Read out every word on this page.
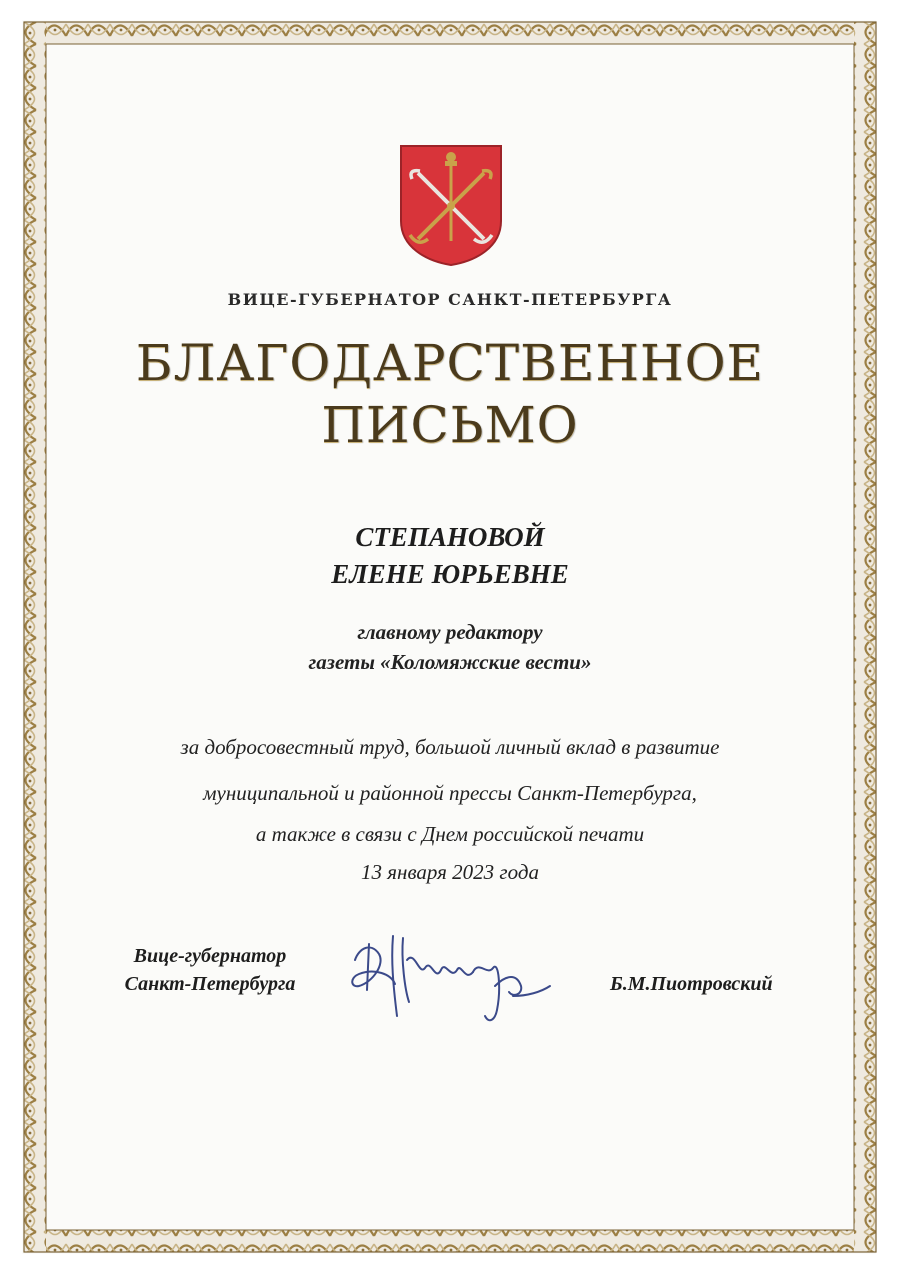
ВИЦЕ-ГУБЕРНАТОР САНКТ-ПЕТЕРБУРГА
БЛАГОДАРСТВЕННОЕ
ПИСЬМО
СТЕПАНОВОЙ
ЕЛЕНЕ ЮРЬЕВНЕ
главному редактору
газеты «Коломяжские вести»
за добросовестный труд, большой личный вклад в развитие
муниципальной и районной прессы Санкт-Петербурга,
а также в связи с Днем российской печати
13 января 2023 года
Вице-губернатор
Санкт-Петербурга	Б.М.Пиотровский
